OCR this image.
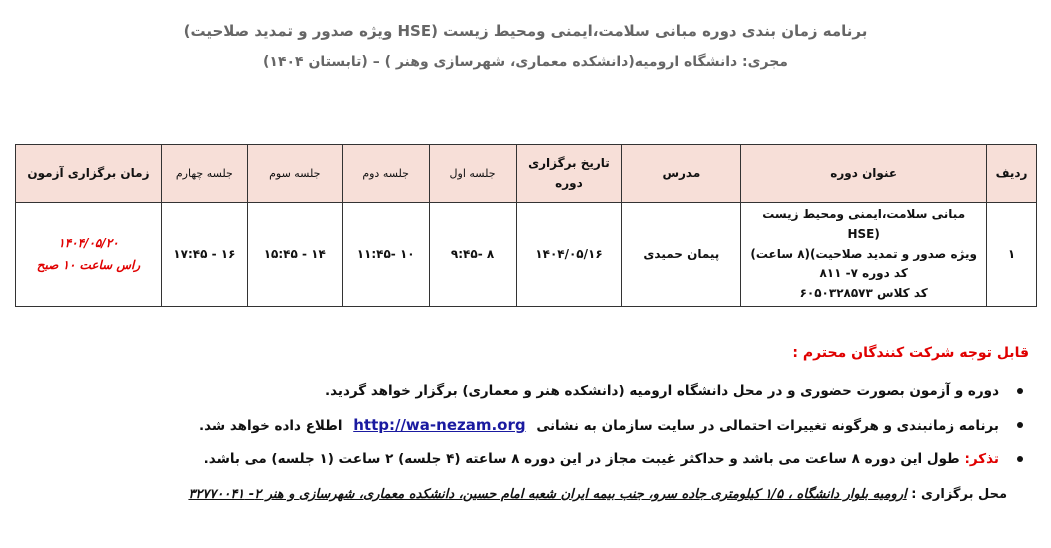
برنامه زمان بندی دوره مبانی سلامت،ایمنی ومحیط زیست (HSE ویژه صدور و تمدید صلاحیت)
مجری: دانشگاه ارومیه(دانشکده معماری، شهرسازی وهنر ) – (تابستان ۱۴۰۴)
ردیف	عنوان دوره	مدرس	تاریخ برگزاری دوره	جلسه اول	جلسه دوم	جلسه سوم	جلسه چهارم	زمان برگزاری آزمون
۱	مبانی سلامت،ایمنی ومحیط زیست (HSE
ویژه صدور و تمدید صلاحیت)(۸ ساعت)
کد دوره ۷- ۸۱۱
کد کلاس ۶۰۵۰۳۲۸۵۷۳	پیمان حمیدی	۱۴۰۴/۰۵/۱۶	۸ -۹:۴۵	۱۰ -۱۱:۴۵	۱۴ - ۱۵:۴۵	۱۶ - ۱۷:۴۵	۱۴۰۴/۰۵/۲۰
راس ساعت ۱۰ صبح
قابل توجه شرکت کنندگان محترم :
دوره و آزمون بصورت حضوری و در محل دانشگاه ارومیه (دانشکده هنر و معماری) برگزار خواهد گردید.
برنامه زمانبندی و هرگونه تغییرات احتمالی در سایت سازمان به نشانی http://wa-nezam.org اطلاع داده خواهد شد.
تذکر: طول این دوره ۸ ساعت می باشد و حداکثر غیبت مجاز در این دوره ۸ ساعته (۴ جلسه) ۲ ساعت (۱ جلسه) می باشد.
محل برگزاری : ارومیه بلوار دانشگاه ، ۱/۵ کیلومتری جاده سرو، جنب بیمه ایران شعبه امام حسین، دانشکده معماری، شهرسازی و هنر ۲- ۳۲۷۷۰۰۴۱
